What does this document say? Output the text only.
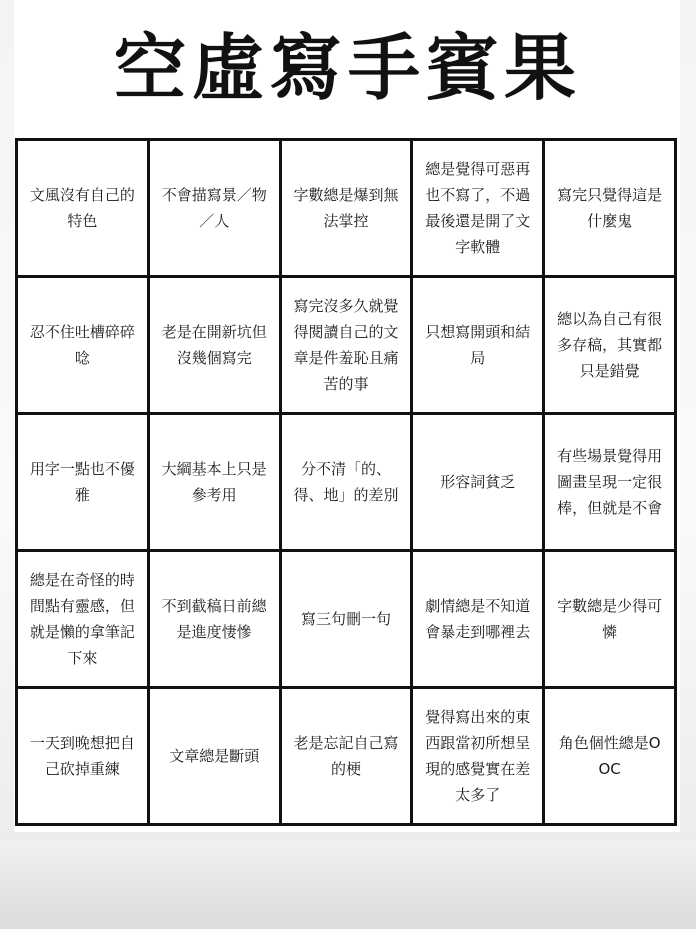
空虛寫手賓果
文風沒有自己的特色
不會描寫景／物／人
字數總是爆到無法掌控
總是覺得可惡再也不寫了，不過最後還是開了文字軟體
寫完只覺得這是什麼鬼
忍不住吐槽碎碎唸
老是在開新坑但沒幾個寫完
寫完沒多久就覺得閱讀自己的文章是件羞恥且痛苦的事
只想寫開頭和結局
總以為自己有很多存稿，其實都只是錯覺
用字一點也不優雅
大綱基本上只是參考用
分不清「的、得、地」的差別
形容詞貧乏
有些場景覺得用圖畫呈現一定很棒，但就是不會
總是在奇怪的時間點有靈感，但就是懶的拿筆記下來
不到截稿日前總是進度悽慘
寫三句刪一句
劇情總是不知道會暴走到哪裡去
字數總是少得可憐
一天到晚想把自己砍掉重練
文章總是斷頭
老是忘記自己寫的梗
覺得寫出來的東西跟當初所想呈現的感覺實在差太多了
角色個性總是OOC
